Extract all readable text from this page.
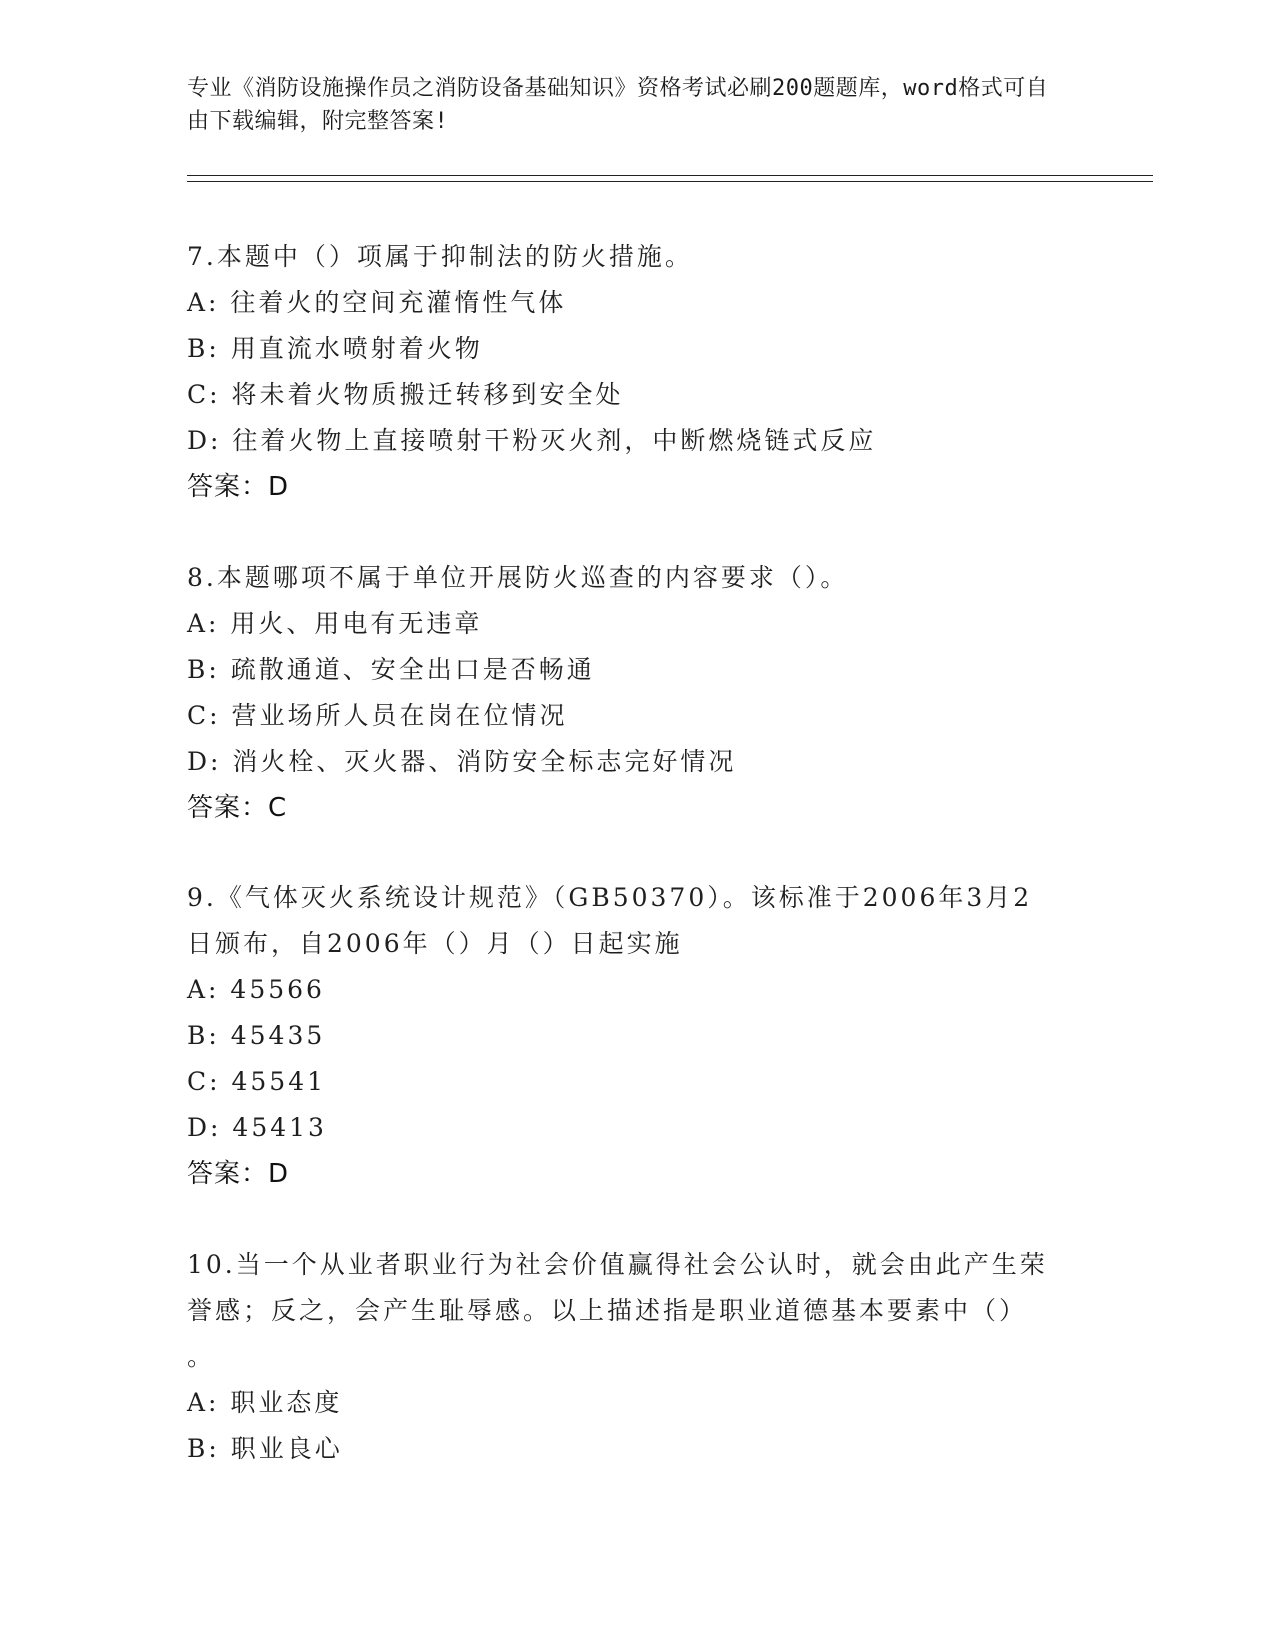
专业《消防设施操作员之消防设备基础知识》资格考试必刷200题题库，word格式可自由下载编辑，附完整答案!
7.本题中（）项属于抑制法的防火措施。
A: 往着火的空间充灌惰性气体
B: 用直流水喷射着火物
C: 将未着火物质搬迁转移到安全处
D: 往着火物上直接喷射干粉灭火剂，中断燃烧链式反应
答案：D
8.本题哪项不属于单位开展防火巡查的内容要求（）。
A: 用火、用电有无违章
B: 疏散通道、安全出口是否畅通
C: 营业场所人员在岗在位情况
D: 消火栓、灭火器、消防安全标志完好情况
答案：C
9.《气体灭火系统设计规范》（GB50370）。该标准于2006年3月2
日颁布，自2006年（）月（）日起实施
A: 45566
B: 45435
C: 45541
D: 45413
答案：D
10.当一个从业者职业行为社会价值赢得社会公认时，就会由此产生荣
誉感；反之，会产生耻辱感。以上描述指是职业道德基本要素中（）
。
A: 职业态度
B: 职业良心
